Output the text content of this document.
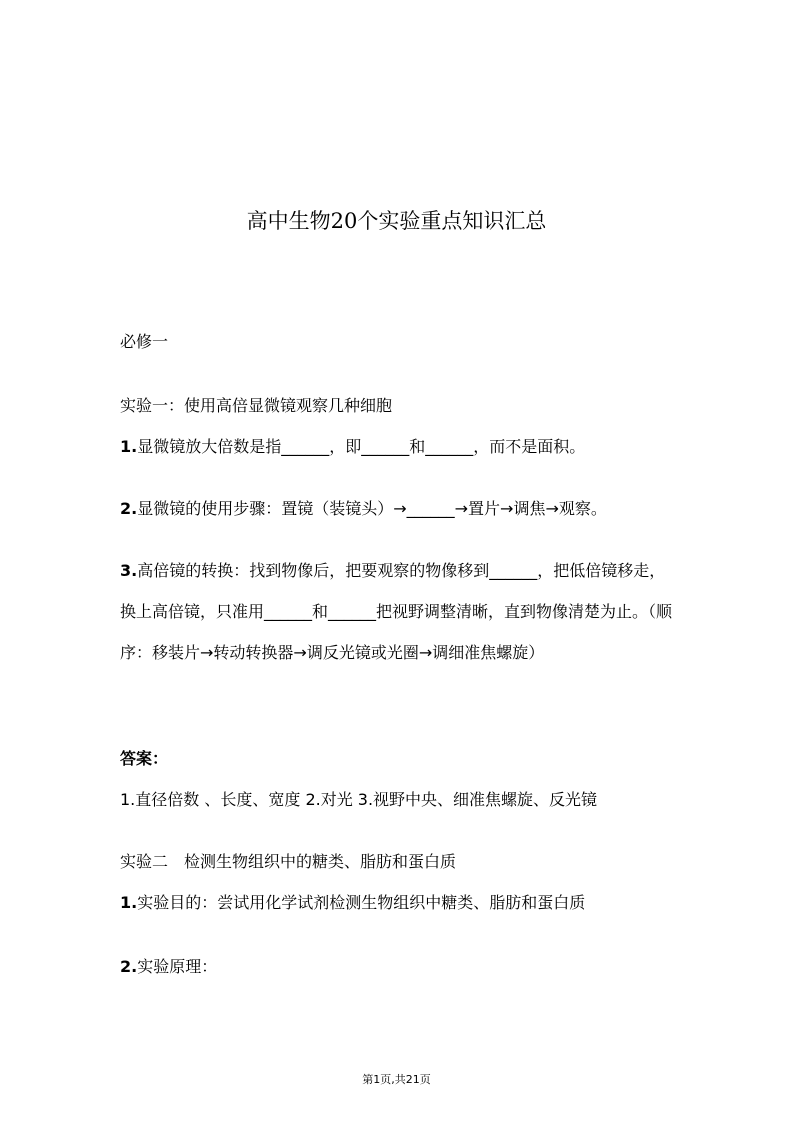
高中生物20个实验重点知识汇总
必修一
实验一：使用高倍显微镜观察几种细胞
1.显微镜放大倍数是指______，即______和______，而不是面积。
2.显微镜的使用步骤：置镜（装镜头）→______→置片→调焦→观察。
3.高倍镜的转换：找到物像后，把要观察的物像移到______，把低倍镜移走，换上高倍镜，只准用______和______把视野调整清晰，直到物像清楚为止。（顺序：移装片→转动转换器→调反光镜或光圈→调细准焦螺旋）
答案：
1.直径倍数 、长度、宽度 2.对光 3.视野中央、细准焦螺旋、反光镜
实验二　检测生物组织中的糖类、脂肪和蛋白质
1.实验目的：尝试用化学试剂检测生物组织中糖类、脂肪和蛋白质
2.实验原理：
第1页,共21页
